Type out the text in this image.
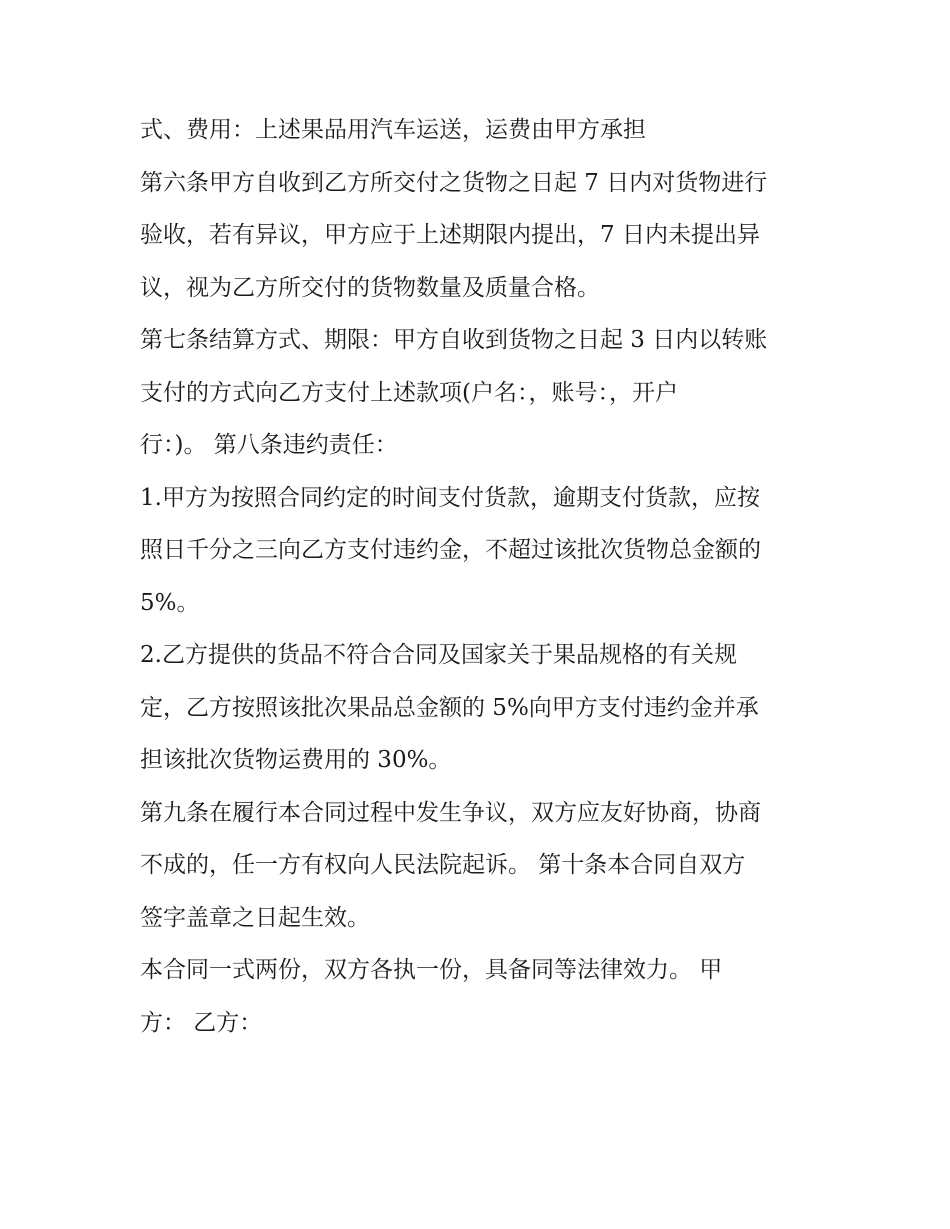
式、费用：上述果品用汽车运送，运费由甲方承担
第六条甲方自收到乙方所交付之货物之日起 7 日内对货物进行
验收，若有异议，甲方应于上述期限内提出，7 日内未提出异
议，视为乙方所交付的货物数量及质量合格。
第七条结算方式、期限：甲方自收到货物之日起 3 日内以转账
支付的方式向乙方支付上述款项(户名：，账号：，开户
行：)。 第八条违约责任：
1.甲方为按照合同约定的时间支付货款，逾期支付货款，应按
照日千分之三向乙方支付违约金，不超过该批次货物总金额的
5%。
2.乙方提供的货品不符合合同及国家关于果品规格的有关规
定，乙方按照该批次果品总金额的 5%向甲方支付违约金并承
担该批次货物运费用的 30%。
第九条在履行本合同过程中发生争议，双方应友好协商，协商
不成的，任一方有权向人民法院起诉。 第十条本合同自双方
签字盖章之日起生效。
本合同一式两份，双方各执一份，具备同等法律效力。 甲
方： 乙方：
